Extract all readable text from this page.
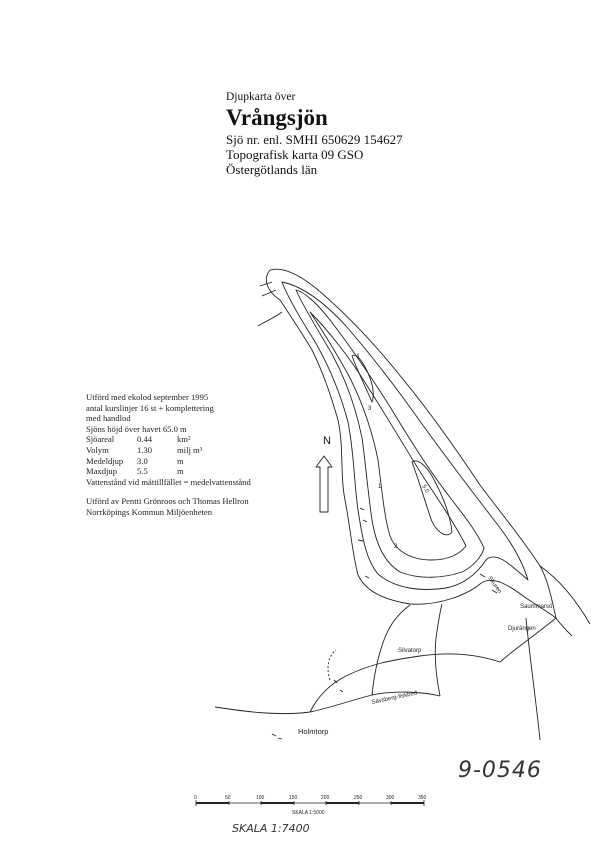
Djupkarta över
Vrångsjön
Sjö nr. enl. SMHI 650629 154627
Topografisk karta 09 GSO
Östergötlands län
Utförd med ekolod september 1995
antal kurslinjer 16 st + komplettering
med handlod
Sjöns höjd över havet 65.0 m
Sjöareal	0.44	km²
Volym	1.30	milj m³
Medeldjup	3.0	m
Maxdjup	5.5	m
Vattenstånd vid mättillfället = medelvattenstånd
Utförd av Pentti Grönroos och Thomas Hellron
Norrköpings Kommun Miljöenheten
5.0
2
3
4
1
N
Holmtorp
Djurängen
Silvatorp
Skuren
Sävsberg-fiskbed
Saummarsö
0	50	100	150	200	250	300	350
SKALA 1:5000
SKALA 1:7400
9-0546
